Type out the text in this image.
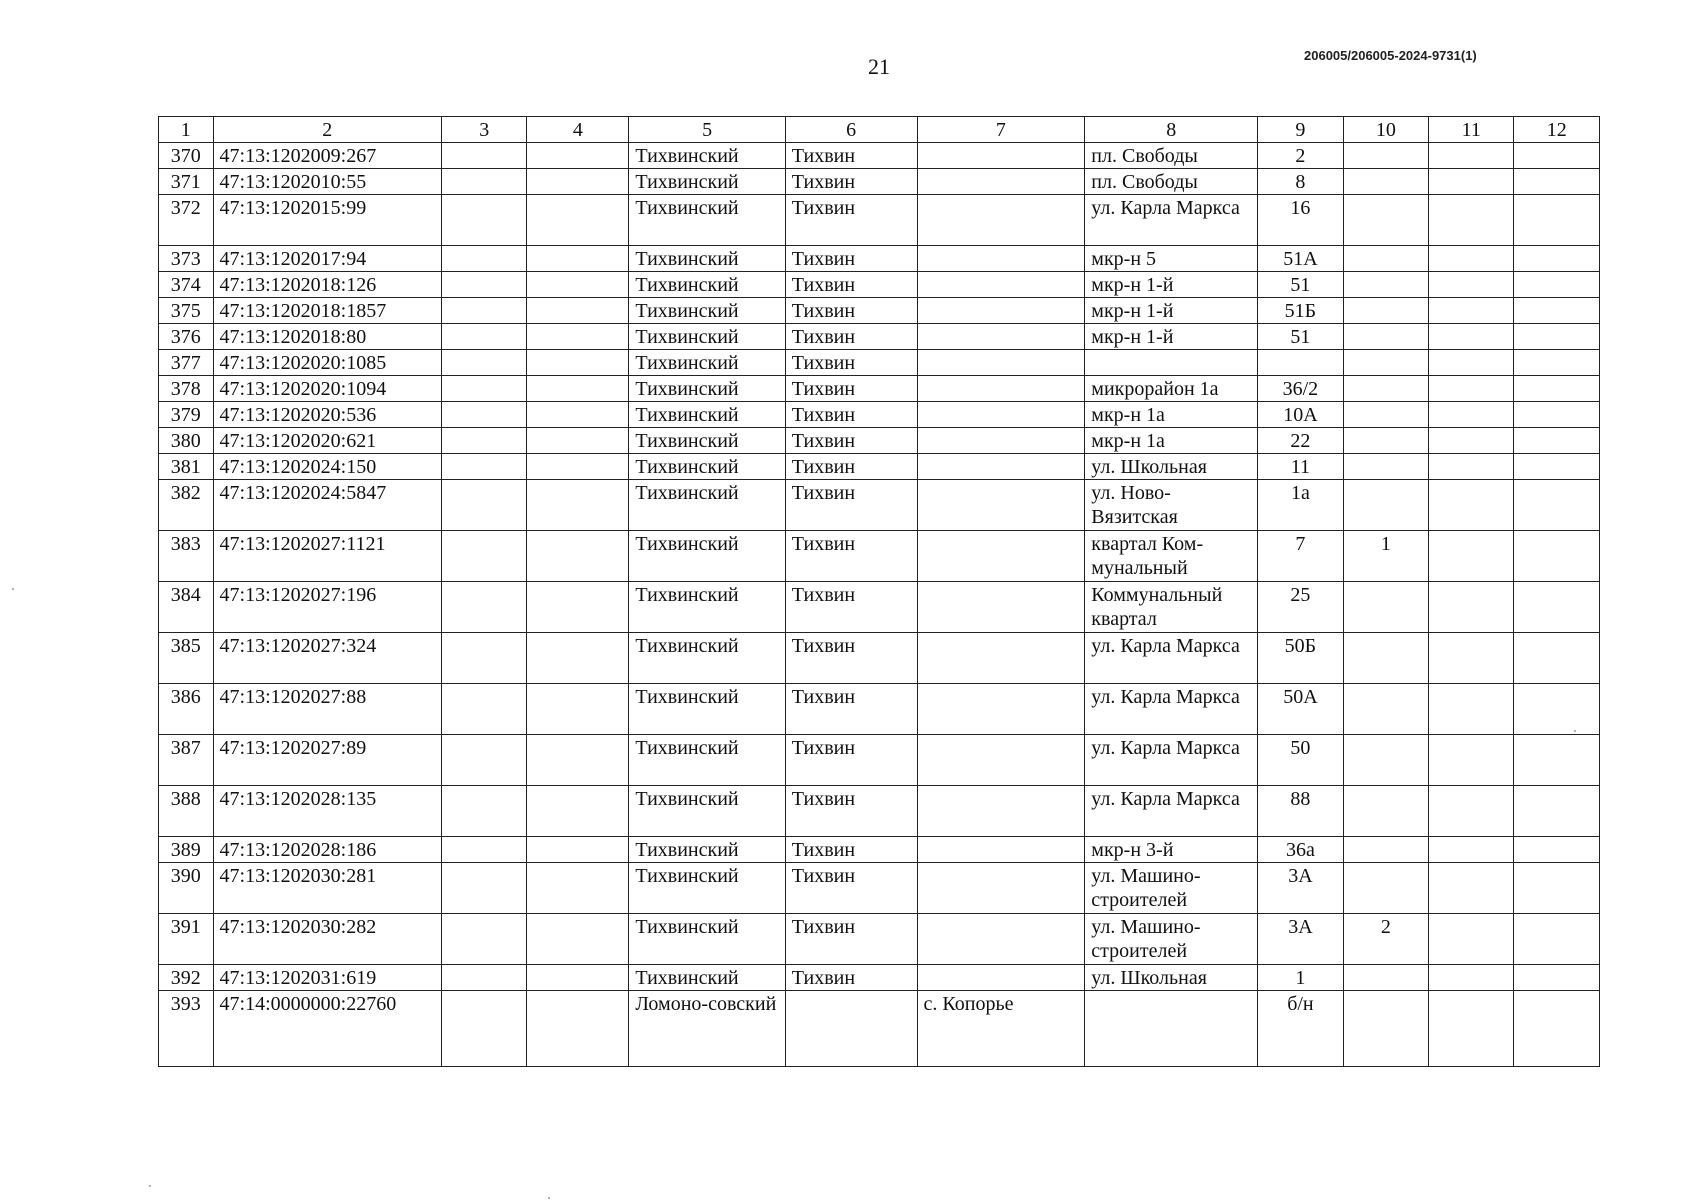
21	206005/206005-2024-9731(1)
1	2	3	4	5	6	7	8	9	10	11	12
370	47:13:1202009:267			Тихвинский	Тихвин		пл. Свободы	2			
371	47:13:1202010:55			Тихвинский	Тихвин		пл. Свободы	8			
372	47:13:1202015:99			Тихвинский	Тихвин		ул. Карла Маркса	16			
373	47:13:1202017:94			Тихвинский	Тихвин		мкр-н 5	51А			
374	47:13:1202018:126			Тихвинский	Тихвин		мкр-н 1-й	51			
375	47:13:1202018:1857			Тихвинский	Тихвин		мкр-н 1-й	51Б			
376	47:13:1202018:80			Тихвинский	Тихвин		мкр-н 1-й	51			
377	47:13:1202020:1085			Тихвинский	Тихвин						
378	47:13:1202020:1094			Тихвинский	Тихвин		микрорайон 1а	36/2			
379	47:13:1202020:536			Тихвинский	Тихвин		мкр-н 1а	10А			
380	47:13:1202020:621			Тихвинский	Тихвин		мкр-н 1а	22			
381	47:13:1202024:150			Тихвинский	Тихвин		ул. Школьная	11			
382	47:13:1202024:5847			Тихвинский	Тихвин		ул. Ново-Вязитская	1а			
383	47:13:1202027:1121			Тихвинский	Тихвин		квартал Ком-мунальный	7	1		
384	47:13:1202027:196			Тихвинский	Тихвин		Коммунальный квартал	25			
385	47:13:1202027:324			Тихвинский	Тихвин		ул. Карла Маркса	50Б			
386	47:13:1202027:88			Тихвинский	Тихвин		ул. Карла Маркса	50А			
387	47:13:1202027:89			Тихвинский	Тихвин		ул. Карла Маркса	50			
388	47:13:1202028:135			Тихвинский	Тихвин		ул. Карла Маркса	88			
389	47:13:1202028:186			Тихвинский	Тихвин		мкр-н 3-й	36а			
390	47:13:1202030:281			Тихвинский	Тихвин		ул. Машино-строителей	3А			
391	47:13:1202030:282			Тихвинский	Тихвин		ул. Машино-строителей	3А	2		
392	47:13:1202031:619			Тихвинский	Тихвин		ул. Школьная	1			
393	47:14:0000000:22760			Ломоно-совский		с. Копорье		б/н			
